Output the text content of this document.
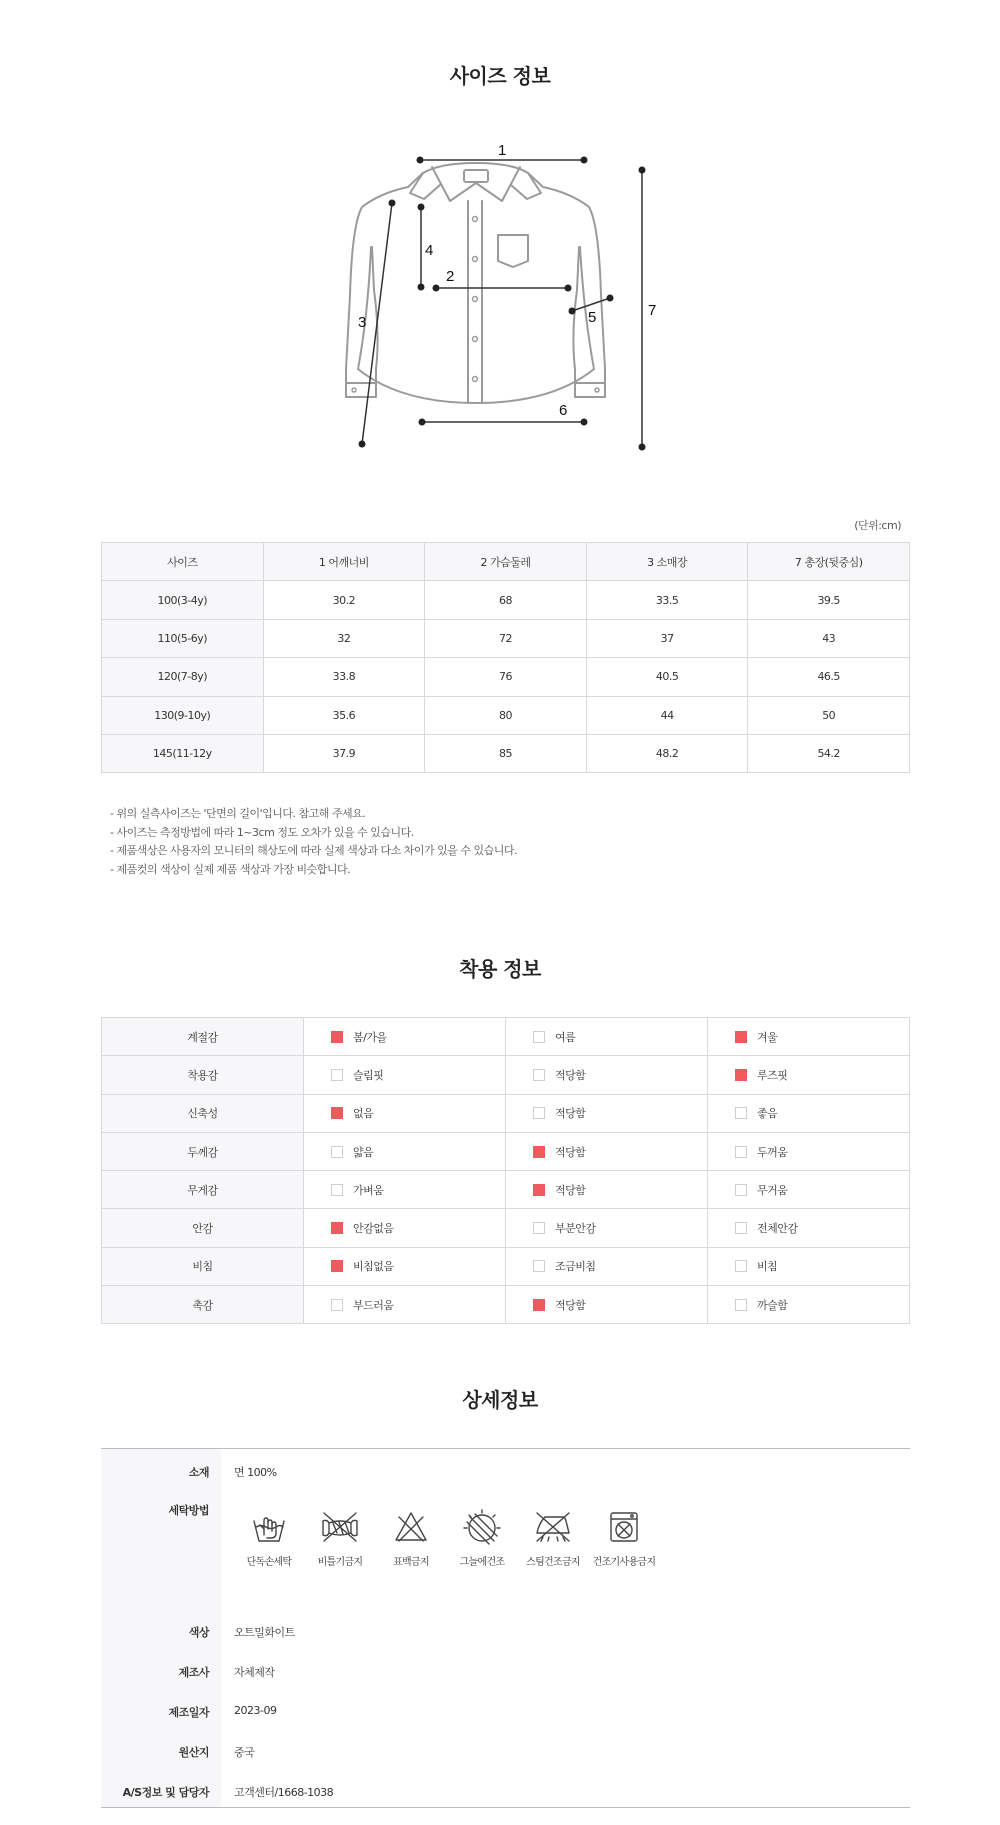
사이즈 정보
1
2
3
4
5
6
7
(단위:cm)
사이즈	1 어깨너비	2 가슴둘레	3 소매장	7 총장(뒷중심)
100(3-4y)	30.2	68	33.5	39.5
110(5-6y)	32	72	37	43
120(7-8y)	33.8	76	40.5	46.5
130(9-10y)	35.6	80	44	50
145(11-12y	37.9	85	48.2	54.2
- 위의 실측사이즈는 '단면의 길이'입니다. 참고해 주세요.
- 사이즈는 측정방법에 따라 1~3cm 정도 오차가 있을 수 있습니다.
- 제품색상은 사용자의 모니터의 해상도에 따라 실제 색상과 다소 차이가 있을 수 있습니다.
- 제품컷의 색상이 실제 제품 색상과 가장 비슷합니다.
착용 정보
계절감	봄/가을	여름	겨울
착용감	슬림핏	적당함	루즈핏
신축성	없음	적당함	좋음
두께감	얇음	적당함	두꺼움
무게감	가벼움	적당함	무거움
안감	안감없음	부분안감	전체안감
비침	비침없음	조금비침	비침
촉감	부드러움	적당함	까슬함
상세정보
소재 면 100%
세탁방법
단독손세탁	비틀기금지	표백금지	그늘에건조	스팀건조금지	건조기사용금지
색상 오트밀화이트
제조사 자체제작
제조일자 2023-09
원산지 중국
A/S정보 및 담당자 고객센터/1668-1038
